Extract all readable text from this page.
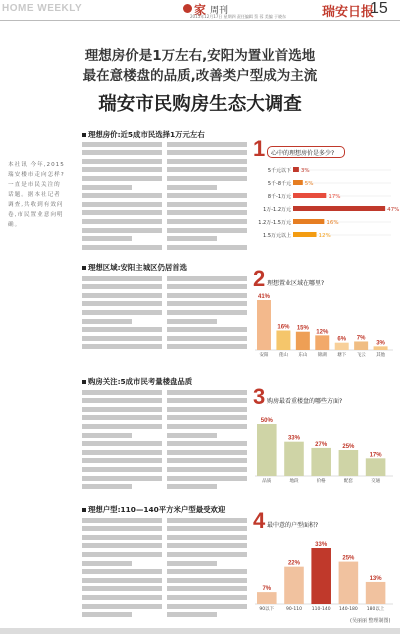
HOME WEEKLY	家 周刊
2015年12月17日 星期四 责任编辑 蔡 蓉 美编 于晓东	瑞安日报
15
理想房价是1万左右,安阳为置业首选地
最在意楼盘的品质,改善类户型成为主流
瑞安市民购房生态大调查
本社讯 今年,2015瑞安楼市走向怎样?一直是市民关注的话题。据本社记者调查,共收到有效问卷,市民置业意向明确。
理想房价:近5成市民选择1万元左右
理想区域:安阳主城区仍居首选
购房关注:5成市民考量楼盘品质
理想户型:110—140平方米户型最受欢迎
1 心中的理想房价是多少?
5千元以下 3%
5千-8千元	5%
8千-1万元	17%
1万-1.2万元	47%
1.2万-1.5万元	16%
1.5万元以上	12%
2 理想置业区域在哪里?
41%
安阳
16%
莲山
15%
东山
12%
锦湖
6%
塘下
7%
飞云
3%
其他
3 购房最看重楼盘的哪些方面?
50%
品质
33%
地段
27%
价格
25%
配套
17%
交通
4 最中意的户型面积?
7%
90以下
22%
90-110
33%
110-140
25%
140-180
13%
180以上
(吴丽丽 整理制图)
